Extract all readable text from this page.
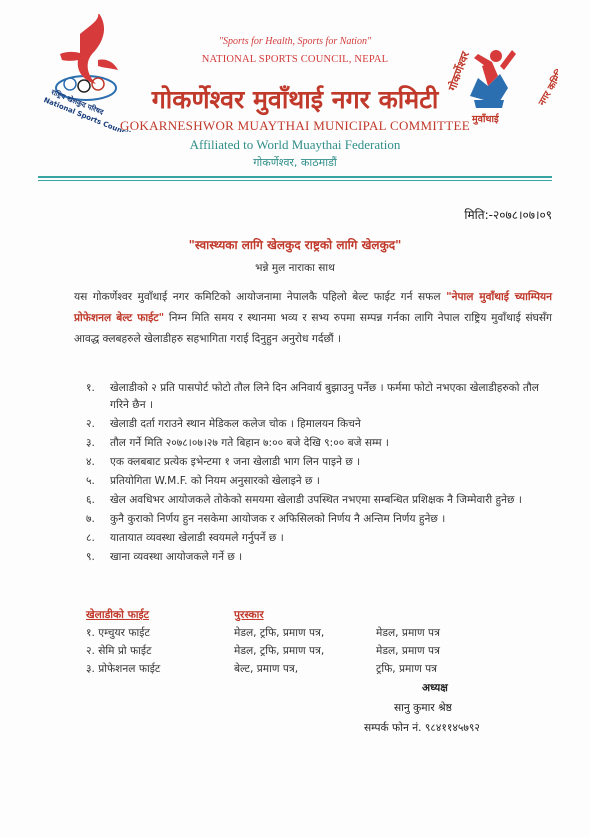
राष्ट्रिय खेलकुद परिषद
National Sports
गोकर्णेश्वर
मुवाँथाई
नगर कमिटि
"Sports for Health, Sports for Nation"
NATIONAL SPORTS COUNCIL, NEPAL
गोकर्णेश्वर मुवाँथाई नगर कमिटी
GOKARNESHWOR MUAYTHAI MUNICIPAL COMMITTEE
Affiliated to World Muaythai Federation
गोकर्णेश्वर, काठमाडौं
मिति:-२०७८।०७।०९
"स्वास्थ्यका लागि खेलकुद राष्ट्रको लागि खेलकुद"
भन्ने मुल नाराका साथ
यस गोकर्णेश्वर मुवाँथाई नगर कमिटिको आयोजनामा नेपालकै पहिलो बेल्ट फाईट गर्न सफल "नेपाल मुवाँथाई च्याम्पियन प्रोफेशनल बेल्ट फाईट" निम्न मिति समय र स्थानमा भव्य र सभ्य रुपमा सम्पन्न गर्नका लागि नेपाल राष्ट्रिय मुवाँथाई संघसँग आवद्ध क्लबहरुले खेलाडीहरु सहभागिता गराई दिनुहुन अनुरोध गर्दछौं ।
१.	खेलाडीको २ प्रति पासपोर्ट फोटो तौल लिने दिन अनिवार्य बुझाउनु पर्नेछ । फर्ममा फोटो नभएका खेलाडीहरुको तौल गरिने छैन ।
२.	खेलाडी दर्ता गराउने स्थान मेडिकल कलेज चोक । हिमालयन किचने
३.	तौल गर्ने मिति २०७८।०७।२७ गते बिहान ७:०० बजे देखि ९:०० बजे सम्म ।
४.	एक क्लबबाट प्रत्येक इभेन्टमा १ जना खेलाडी भाग लिन पाइने छ ।
५.	प्रतियोगिता W.M.F. को नियम अनुसारको खेलाइने छ ।
६.	खेल अवधिभर आयोजकले तोकेको समयमा खेलाडी उपस्थित नभएमा सम्बन्धित प्रशिक्षक नै जिम्मेवारी हुनेछ ।
७.	कुनै कुराको निर्णय हुन नसकेमा आयोजक र अफिसिलको निर्णय नै अन्तिम निर्णय हुनेछ ।
८.	यातायात व्यवस्था खेलाडी स्वयमले गर्नुपर्ने छ ।
९.	खाना व्यवस्था आयोजकले गर्ने छ ।
खेलाडीको फाईट	पुरस्कार
१. एम्चुयर फाईट	मेडल, ट्रफि, प्रमाण पत्र,	मेडल, प्रमाण पत्र
२. सेमि प्रो फाईट	मेडल, ट्रफि, प्रमाण पत्र,	मेडल, प्रमाण पत्र
३. प्रोफेशनल फाईट	बेल्ट, प्रमाण पत्र,	ट्रफि, प्रमाण पत्र
अध्यक्ष
सानु कुमार श्रेष्ठ
सम्पर्क फोन नं. ९८४११४५७९२
